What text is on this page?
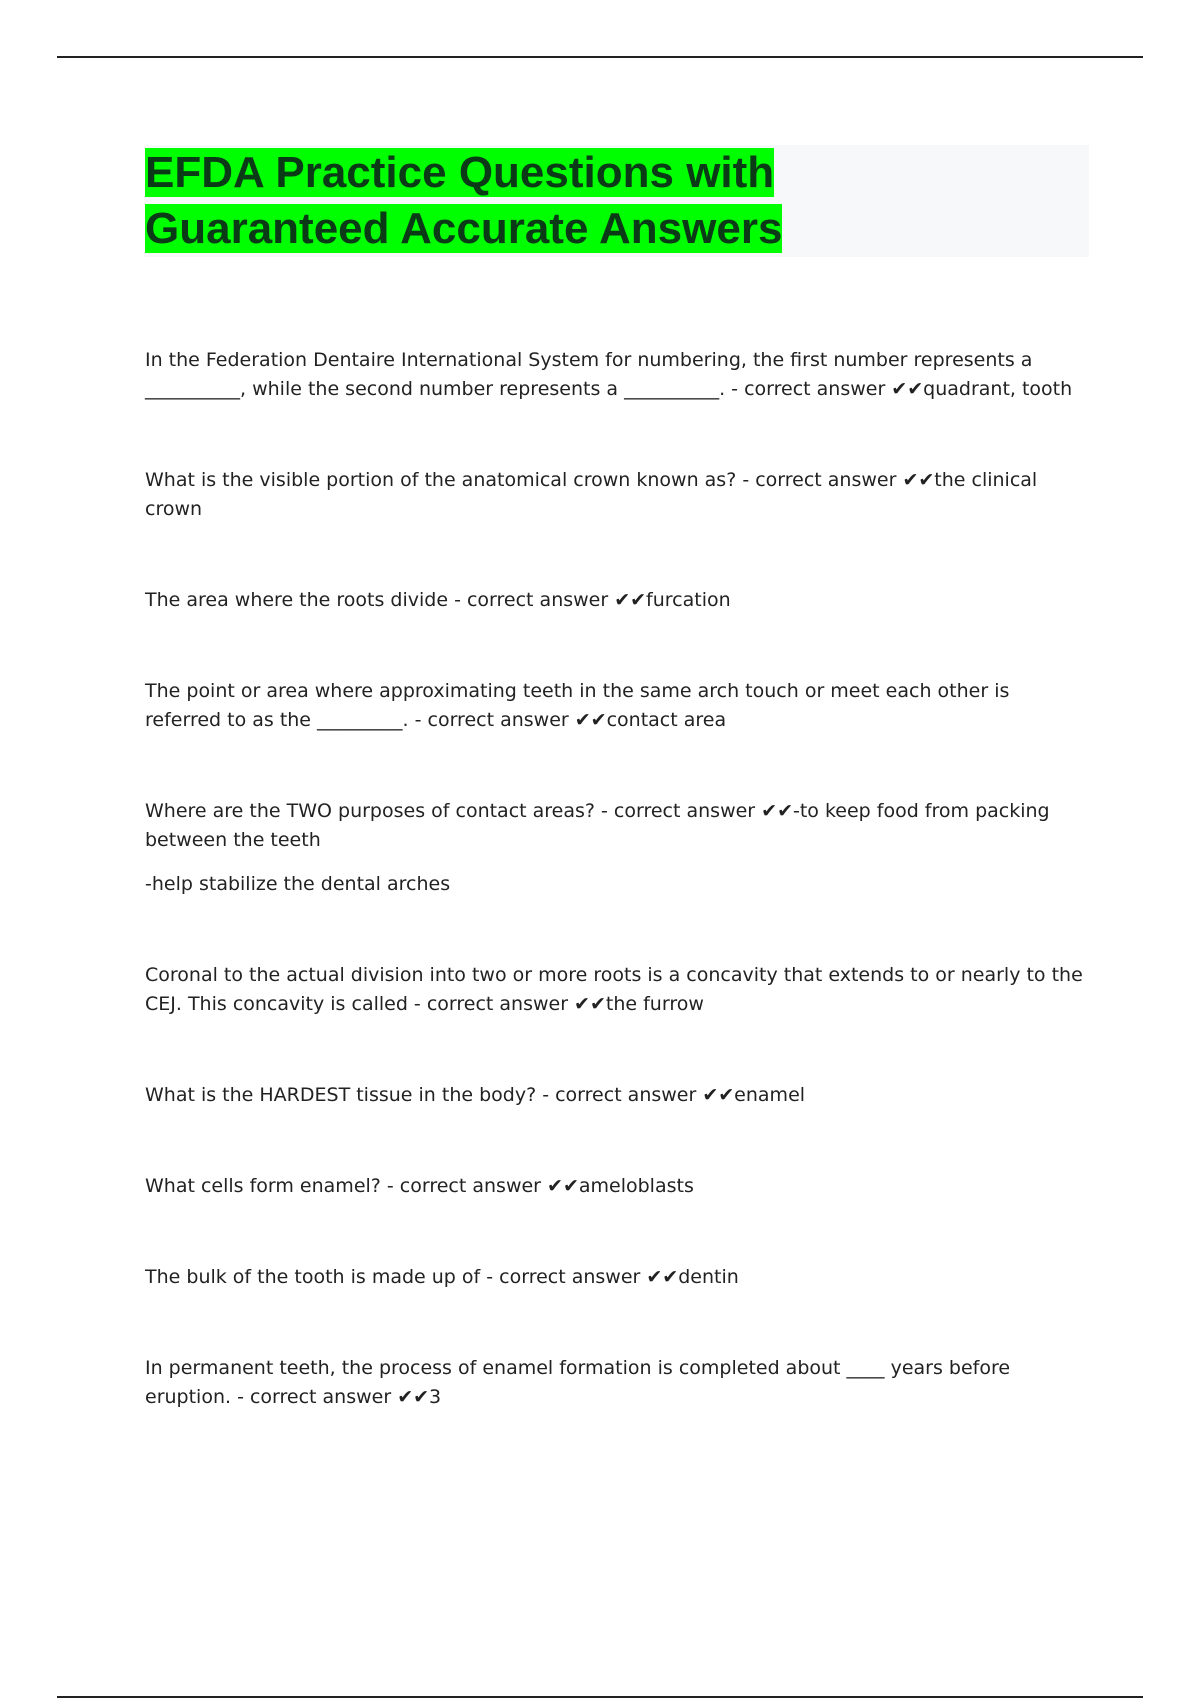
EFDA Practice Questions with
Guaranteed Accurate Answers

In the Federation Dentaire International System for numbering, the first number represents a __________, while the second number represents a __________. - correct answer ✔✔quadrant, tooth

What is the visible portion of the anatomical crown known as? - correct answer ✔✔the clinical crown

The area where the roots divide - correct answer ✔✔furcation

The point or area where approximating teeth in the same arch touch or meet each other is referred to as the _________. - correct answer ✔✔contact area

Where are the TWO purposes of contact areas? - correct answer ✔✔-to keep food from packing between the teeth

-help stabilize the dental arches

Coronal to the actual division into two or more roots is a concavity that extends to or nearly to the CEJ. This concavity is called - correct answer ✔✔the furrow

What is the HARDEST tissue in the body? - correct answer ✔✔enamel

What cells form enamel? - correct answer ✔✔ameloblasts

The bulk of the tooth is made up of - correct answer ✔✔dentin

In permanent teeth, the process of enamel formation is completed about ____ years before eruption. - correct answer ✔✔3
